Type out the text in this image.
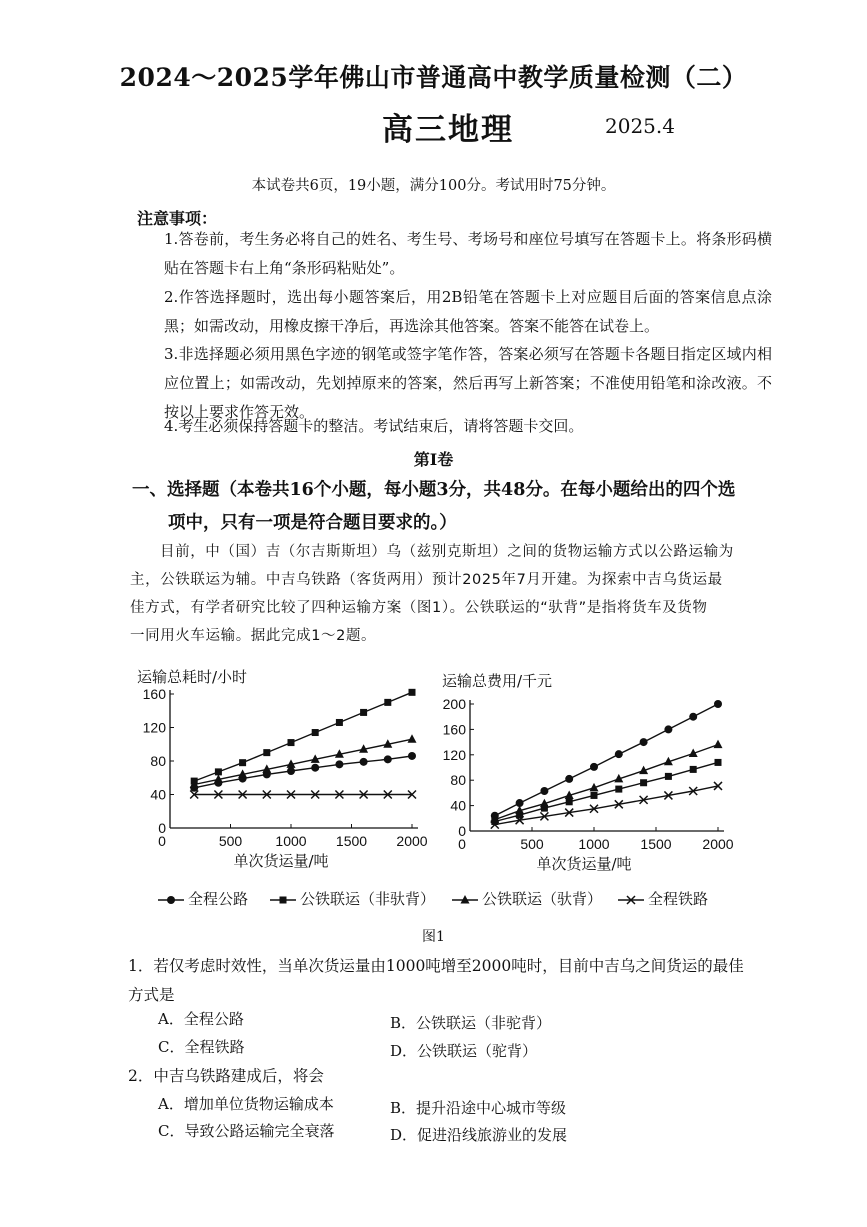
2024～2025学年佛山市普通高中教学质量检测（二）
高三地理	2025.4
本试卷共6页，19小题，满分100分。考试用时75分钟。
注意事项：
1.答卷前，考生务必将自己的姓名、考生号、考场号和座位号填写在答题卡上。将条形码横贴在答题卡右上角“条形码粘贴处”。
2.作答选择题时，选出每小题答案后，用2B铅笔在答题卡上对应题目后面的答案信息点涂黑；如需改动，用橡皮擦干净后，再选涂其他答案。答案不能答在试卷上。
3.非选择题必须用黑色字迹的钢笔或签字笔作答，答案必须写在答题卡各题目指定区域内相应位置上；如需改动，先划掉原来的答案，然后再写上新答案；不准使用铅笔和涂改液。不按以上要求作答无效。
4.考生必须保持答题卡的整洁。考试结束后，请将答题卡交回。
第Ⅰ卷
一、选择题（本卷共16个小题，每小题3分，共48分。在每小题给出的四个选
项中，只有一项是符合题目要求的。）
目前，中（国）吉（尔吉斯斯坦）乌（兹别克斯坦）之间的货物运输方式以公路运输为
主，公铁联运为辅。中吉乌铁路（客货两用）预计2025年7月开建。为探索中吉乌货运最
佳方式，有学者研究比较了四种运输方案（图1）。公铁联运的“驮背”是指将货车及货物
一同用火车运输。据此完成1～2题。
0
40
80
120
160
0	500 1000 1500 2000
运输总耗时/小时
单次货运量/吨
0
40
80
120
160
200
0	500 1000 1500 2000
运输总费用/千元
单次货运量/吨
全程公路	公铁联运（非驮背）	公铁联运（驮背）	全程铁路
图1
1．若仅考虑时效性，当单次货运量由1000吨增至2000吨时，目前中吉乌之间货运的最佳
方式是
A．全程公路	B．公铁联运（非驼背）
C．全程铁路	D．公铁联运（驼背）
2．中吉乌铁路建成后，将会
A．增加单位货物运输成本	B．提升沿途中心城市等级
C．导致公路运输完全衰落	D．促进沿线旅游业的发展
